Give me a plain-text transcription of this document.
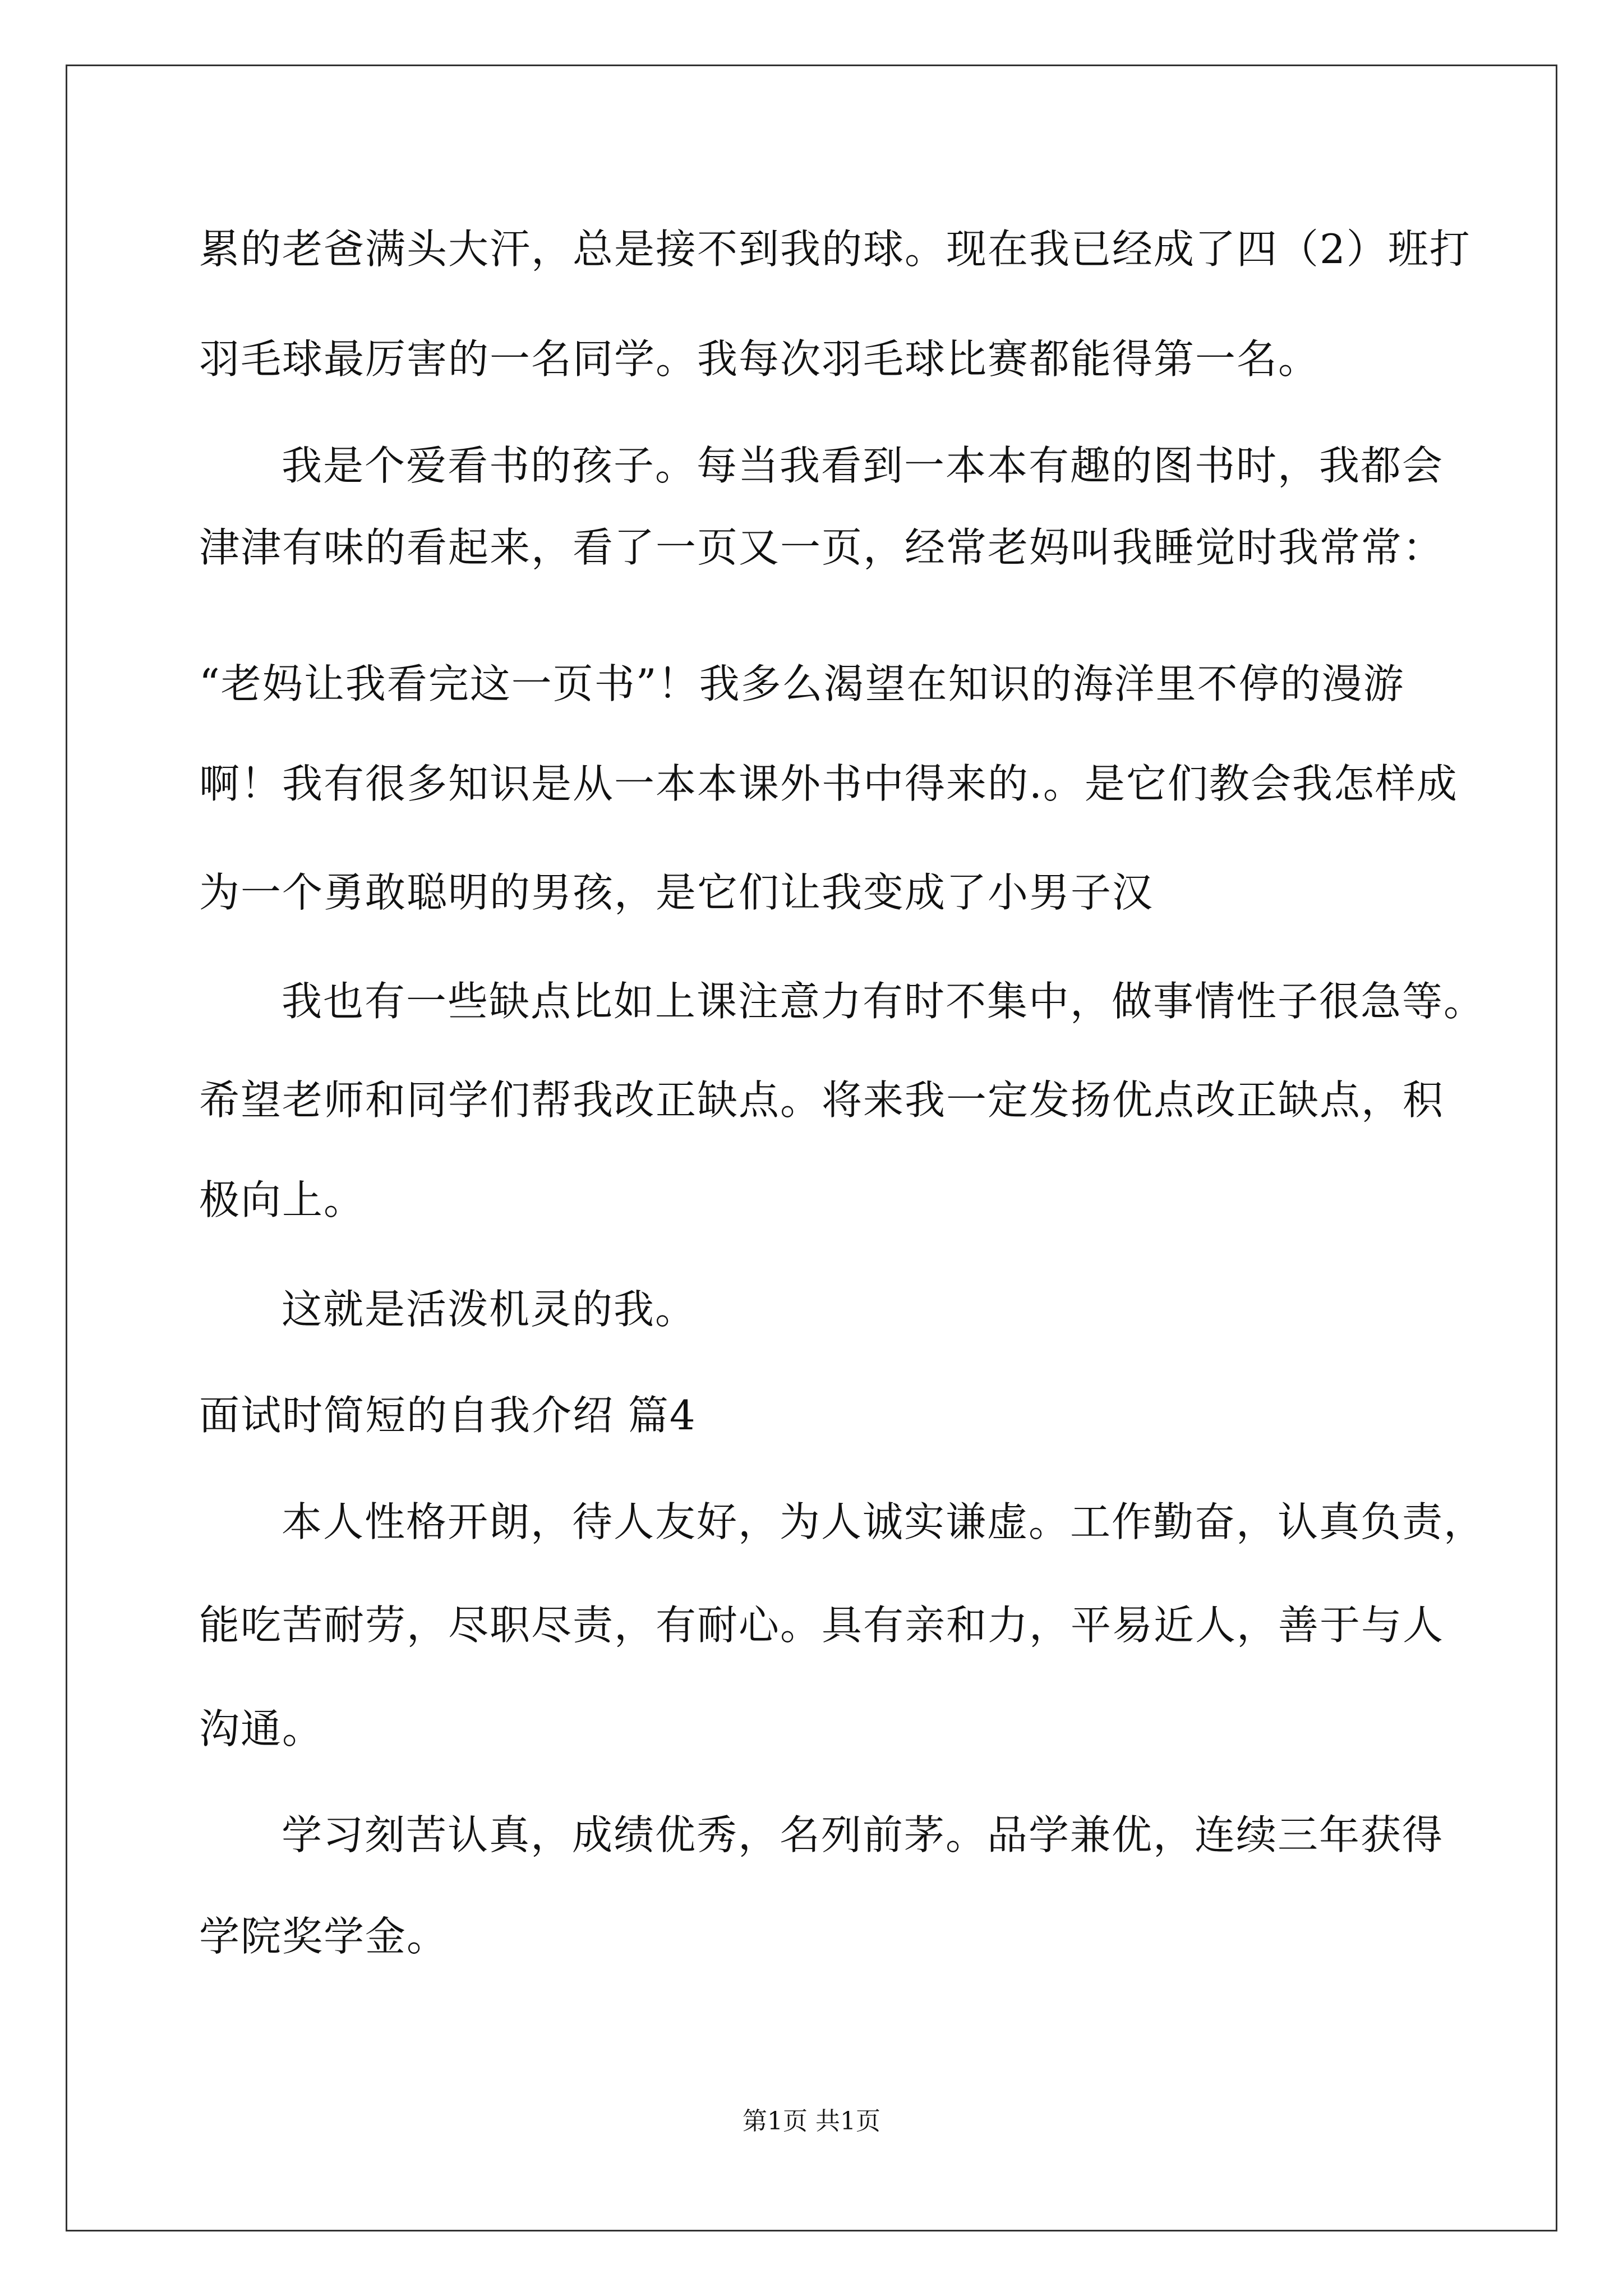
累的老爸满头大汗，总是接不到我的球。现在我已经成了四（2）班打
羽毛球最厉害的一名同学。我每次羽毛球比赛都能得第一名。
我是个爱看书的孩子。每当我看到一本本有趣的图书时，我都会
津津有味的看起来，看了一页又一页，经常老妈叫我睡觉时我常常：
“老妈让我看完这一页书”！我多么渴望在知识的海洋里不停的漫游
啊！我有很多知识是从一本本课外书中得来的.。是它们教会我怎样成
为一个勇敢聪明的男孩，是它们让我变成了小男子汉
我也有一些缺点比如上课注意力有时不集中，做事情性子很急等。
希望老师和同学们帮我改正缺点。将来我一定发扬优点改正缺点，积
极向上。
这就是活泼机灵的我。
面试时简短的自我介绍 篇4
本人性格开朗，待人友好，为人诚实谦虚。工作勤奋，认真负责，
能吃苦耐劳，尽职尽责，有耐心。具有亲和力，平易近人，善于与人
沟通。
学习刻苦认真，成绩优秀，名列前茅。品学兼优，连续三年获得
学院奖学金。
第1页 共1页
